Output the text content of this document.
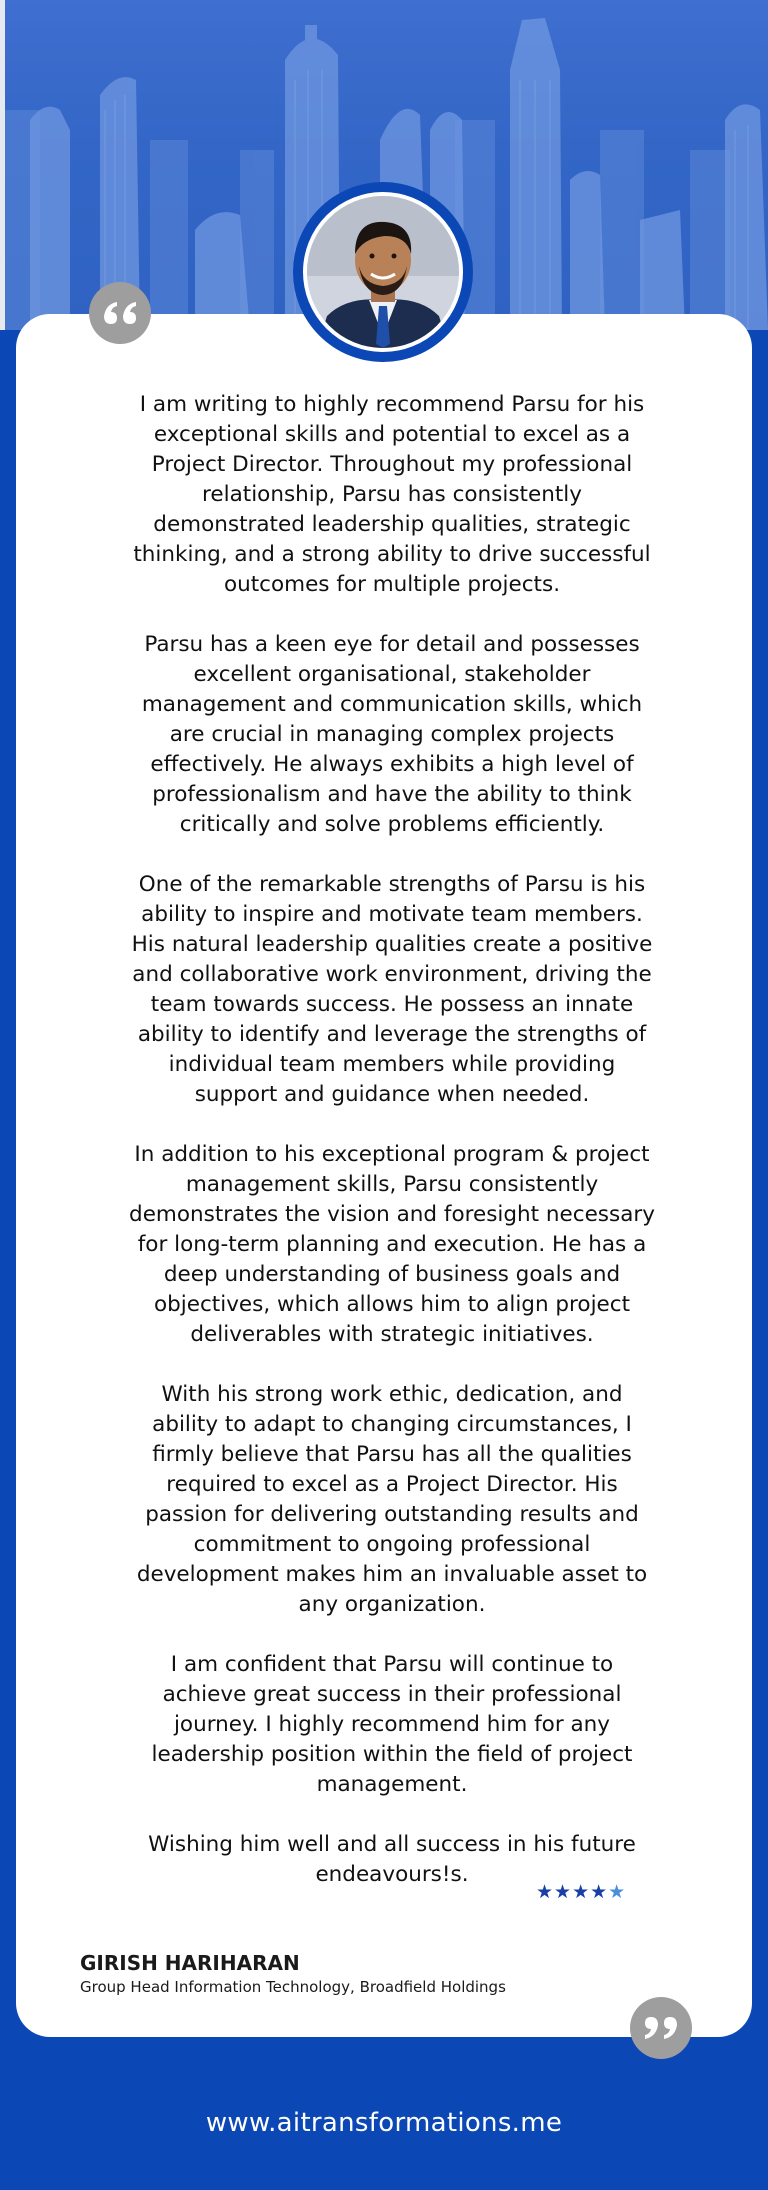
I am writing to highly recommend Parsu for his exceptional skills and potential to excel as a Project Director. Throughout my professional relationship, Parsu has consistently demonstrated leadership qualities, strategic thinking, and a strong ability to drive successful outcomes for multiple projects.

Parsu has a keen eye for detail and possesses excellent organisational, stakeholder management and communication skills, which are crucial in managing complex projects effectively. He always exhibits a high level of professionalism and have the ability to think critically and solve problems efficiently.

One of the remarkable strengths of Parsu is his ability to inspire and motivate team members. His natural leadership qualities create a positive and collaborative work environment, driving the team towards success. He possess an innate ability to identify and leverage the strengths of individual team members while providing support and guidance when needed.

In addition to his exceptional program & project management skills, Parsu consistently demonstrates the vision and foresight necessary for long-term planning and execution. He has a deep understanding of business goals and objectives, which allows him to align project deliverables with strategic initiatives.

With his strong work ethic, dedication, and ability to adapt to changing circumstances, I firmly believe that Parsu has all the qualities required to excel as a Project Director. His passion for delivering outstanding results and commitment to ongoing professional development makes him an invaluable asset to any organization.

I am confident that Parsu will continue to achieve great success in their professional journey. I highly recommend him for any leadership position within the field of project management.

Wishing him well and all success in his future endeavours!s.

★★★★★
GIRISH HARIHARAN
Group Head Information Technology, Broadfield Holdings
www.aitransformations.me
